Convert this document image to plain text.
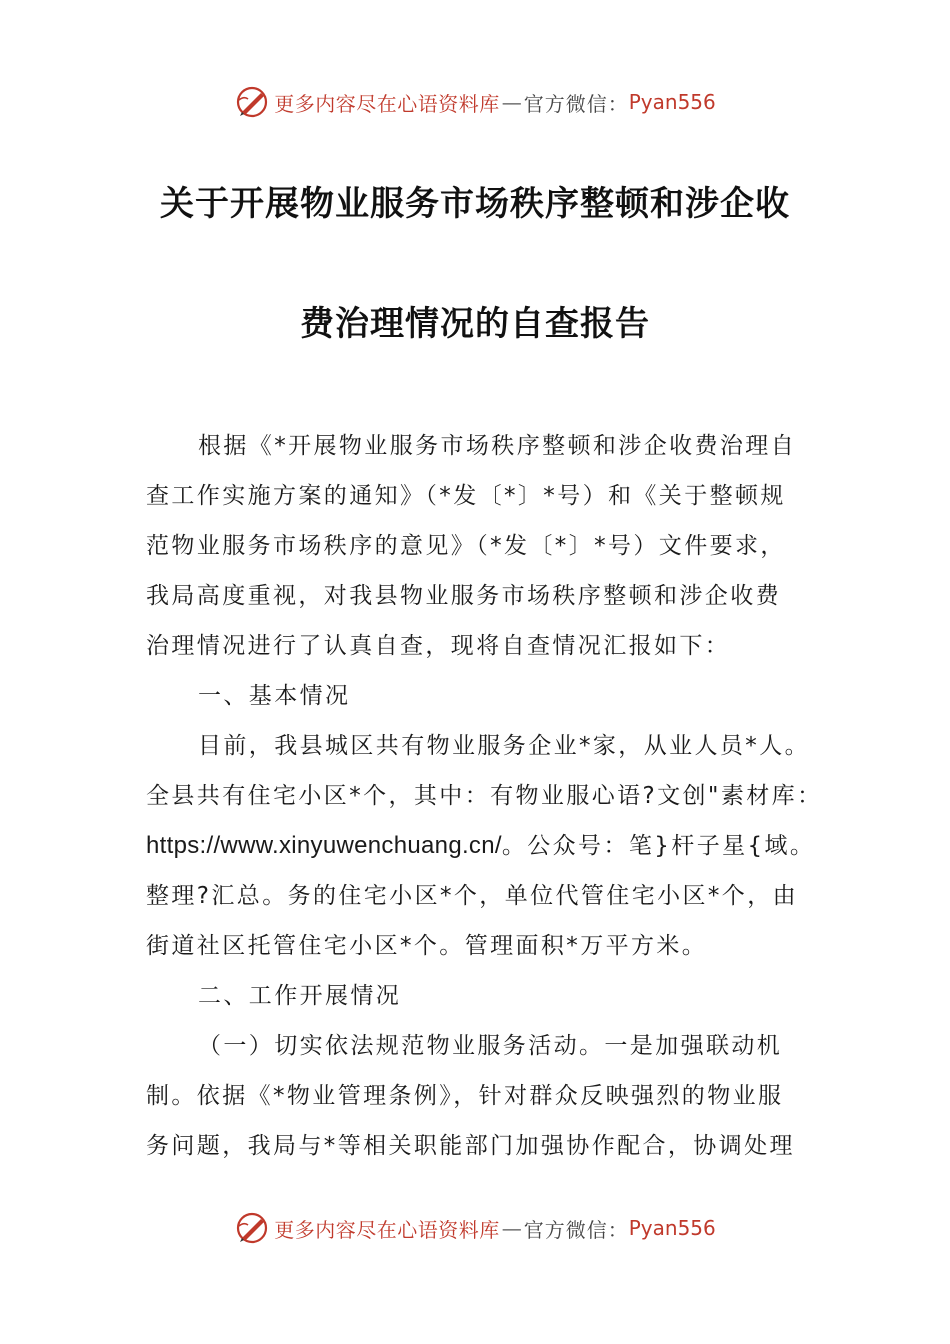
更多内容尽在心语资料库 — 官方微信： Pyan556
关于开展物业服务市场秩序整顿和涉企收
费治理情况的自查报告
根据《*开展物业服务市场秩序整顿和涉企收费治理自
查工作实施方案的通知》（*发〔*〕*号）和《关于整顿规
范物业服务市场秩序的意见》（*发〔*〕*号）文件要求，
我局高度重视，对我县物业服务市场秩序整顿和涉企收费
治理情况进行了认真自查，现将自查情况汇报如下：
一、基本情况
目前，我县城区共有物业服务企业*家，从业人员*人。
全县共有住宅小区*个，其中：有物业服心语?文创"素材库：
https://www.xinyuwenchuang.cn/。公众号：笔}杆子星{域。
整理?汇总。务的住宅小区*个，单位代管住宅小区*个，由
街道社区托管住宅小区*个。管理面积*万平方米。
二、工作开展情况
（一）切实依法规范物业服务活动。一是加强联动机
制。依据《*物业管理条例》，针对群众反映强烈的物业服
务问题，我局与*等相关职能部门加强协作配合，协调处理
更多内容尽在心语资料库 — 官方微信： Pyan556
